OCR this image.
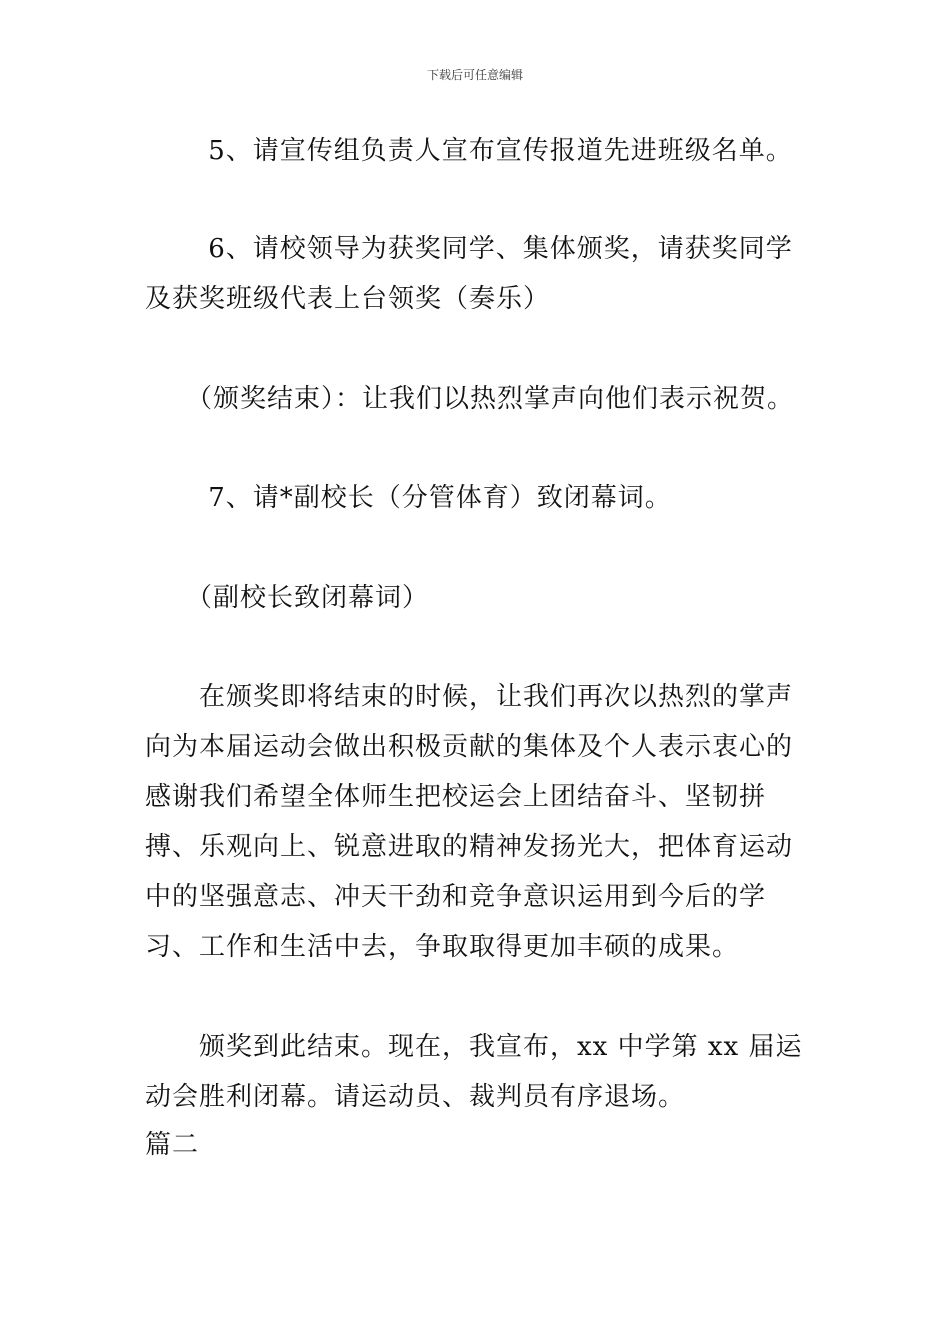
下载后可任意编辑

　　 5、请宣传组负责人宣布宣传报道先进班级名单。

　　 6、请校领导为获奖同学、集体颁奖，请获奖同学及获奖班级代表上台领奖（奏乐）

　　（颁奖结束）：让我们以热烈掌声向他们表示祝贺。

　　 7、请*副校长（分管体育）致闭幕词。

　　（副校长致闭幕词）

　　在颁奖即将结束的时候，让我们再次以热烈的掌声向为本届运动会做出积极贡献的集体及个人表示衷心的感谢我们希望全体师生把校运会上团结奋斗、坚韧拼搏、乐观向上、锐意进取的精神发扬光大，把体育运动中的坚强意志、冲天干劲和竞争意识运用到今后的学习、工作和生活中去，争取取得更加丰硕的成果。

　　颁奖到此结束。现在，我宣布，xx 中学第 xx 届运动会胜利闭幕。请运动员、裁判员有序退场。

篇二
